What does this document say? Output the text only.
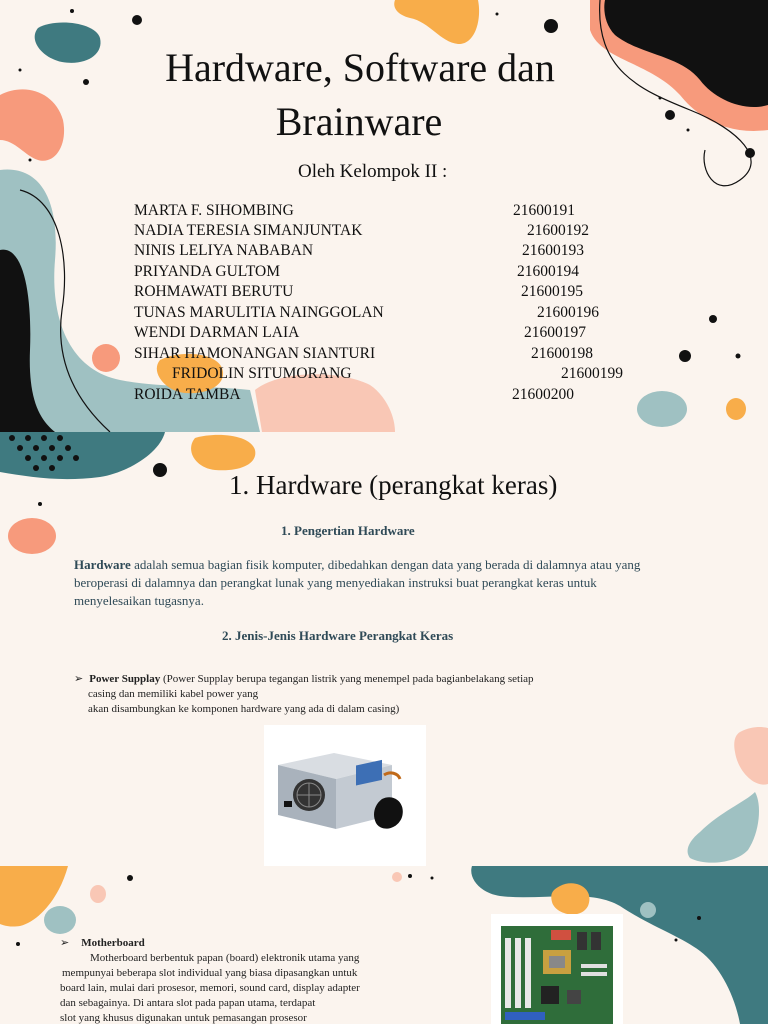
Hardware, Software dan
Brainware
Oleh Kelompok II :
MARTA F. SIHOMBING	21600191
NADIA TERESIA SIMANJUNTAK	21600192
NINIS LELIYA NABABAN	21600193
PRIYANDA GULTOM	21600194
ROHMAWATI BERUTU	21600195
TUNAS MARULITIA NAINGGOLAN	21600196
WENDI DARMAN LAIA	21600197
SIHAR HAMONANGAN SIANTURI	21600198
FRIDOLIN SITUMORANG	21600199
ROIDA TAMBA	21600200
1. Hardware (perangkat keras)
1. Pengertian Hardware
Hardware adalah semua bagian fisik komputer, dibedahkan dengan data yang berada di dalamnya atau yang beroperasi di dalamnya dan perangkat lunak yang menyediakan instruksi buat perangkat keras untuk menyelesaikan tugasnya.
2. Jenis-Jenis Hardware Perangkat Keras
➢ Power Supplay (Power Supplay berupa tegangan listrik yang menempel pada bagianbelakang setiap
casing dan memiliki kabel power yang
akan disambungkan ke komponen hardware yang ada di dalam casing)
➢ Motherboard
Motherboard berbentuk papan (board) elektronik utama yang
mempunyai beberapa slot individual yang biasa dipasangkan untuk
board lain, mulai dari prosesor, memori, sound card, display adapter
dan sebagainya. Di antara slot pada papan utama, terdapat
slot yang khusus digunakan untuk pemasangan prosesor
